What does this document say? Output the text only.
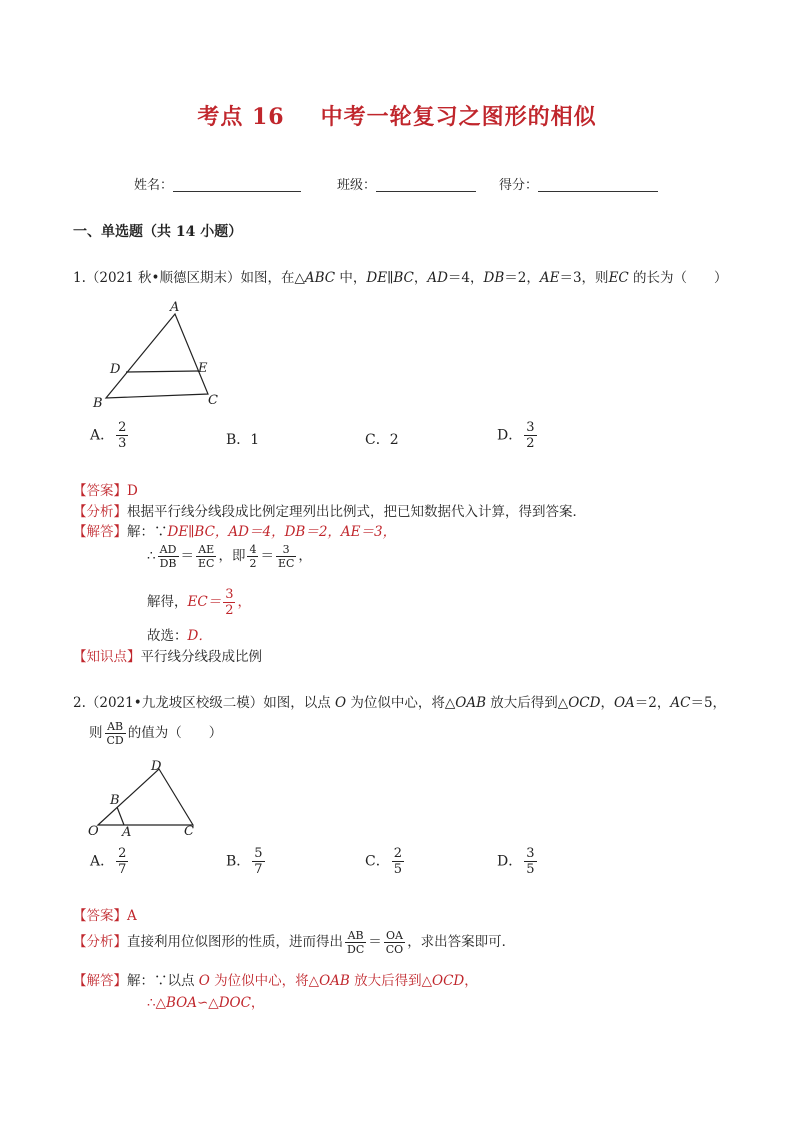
考点 16 中考一轮复习之图形的相似
姓名：	班级：	得分：
一、单选题（共 14 小题）
1.（2021 秋•顺德区期末）如图，在△ABC 中，DE∥BC，AD＝4，DB＝2，AE＝3，则EC 的长为（　　）
A
D	E
B	C
A． $\frac{2}{3}$	B．1	C．2	D． $\frac{3}{2}$
【答案】D
【分析】根据平行线分线段成比例定理列出比例式，把已知数据代入计算，得到答案．
【解答】解：∵DE∥BC，AD＝4，DB＝2，AE＝3，
∴ $\frac{AD}{DB} = \frac{AE}{EC}$ ，即 $\frac{4}{2} = \frac{3}{EC}$ ，
解得，$EC= \frac{3}{2}$ ，
故选：D．
【知识点】平行线分线段成比例
2.（2021•九龙坡区校级二模）如图，以点 O 为位似中心，将△OAB 放大后得到△OCD，OA＝2，AC＝5，
则 $\frac{AB}{CD}$ 的值为（　　）
D
B
O A	C
A． $\frac{2}{7}$	B． $\frac{5}{7}$	C． $\frac{2}{5}$	D． $\frac{3}{5}$
【答案】A
【分析】直接利用位似图形的性质，进而得出 $\frac{AB}{DC} = \frac{OA}{CO}$ ，求出答案即可．
【解答】解：∵以点 O 为位似中心，将△OAB 放大后得到△OCD，
∴△BOA∽△DOC，
